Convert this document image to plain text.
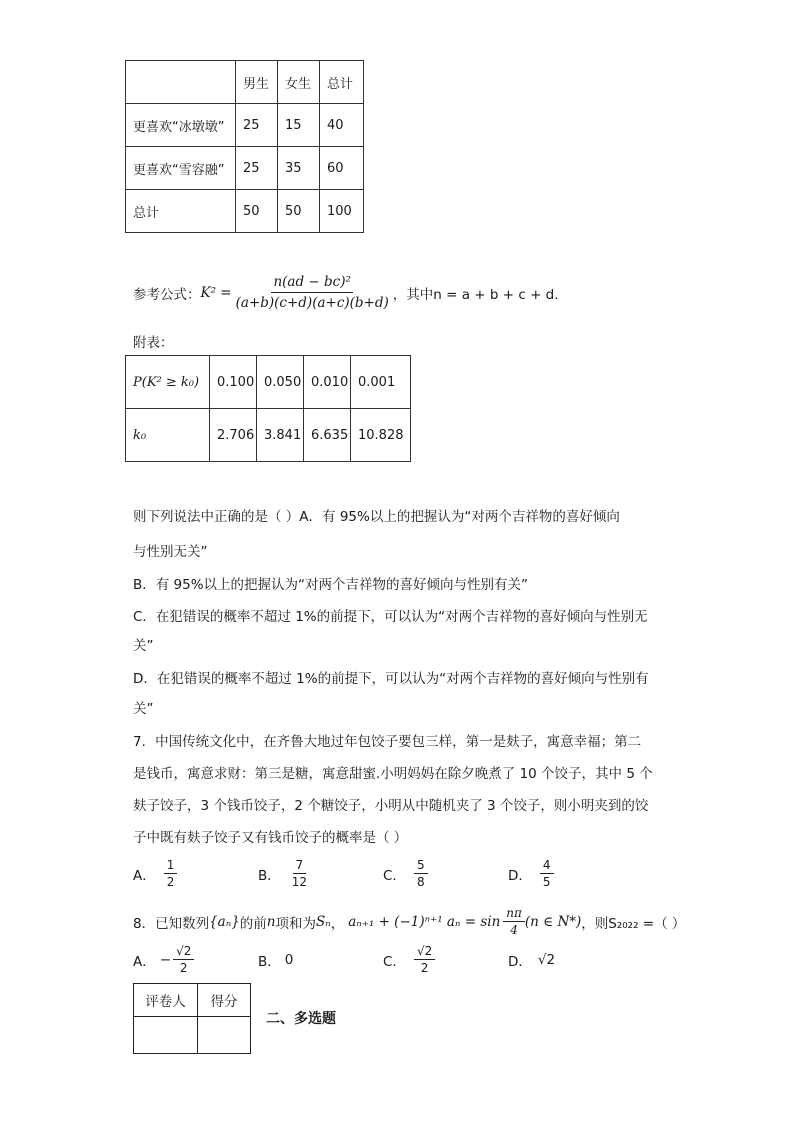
	男生	女生	总计
更喜欢“冰墩墩”	25	15	40
更喜欢“雪容融”	25	35	60
总计	50	50	100
参考公式： $K^2 = \frac{\text{n(ad − bc)²}}{(a+b)(c+d)(a+c)(b+d)}$ ，其中n = a + b + c + d.
附表：
P(K² ≥ k₀)	0.100	0.050	0.010	0.001
k₀	2.706	3.841	6.635	10.828
则下列说法中正确的是（ ）A．有 95%以上的把握认为“对两个吉祥物的喜好倾向
与性别无关”
B．有 95%以上的把握认为“对两个吉祥物的喜好倾向与性别有关”
C．在犯错误的概率不超过 1%的前提下，可以认为“对两个吉祥物的喜好倾向与性别无
关”
D．在犯错误的概率不超过 1%的前提下，可以认为“对两个吉祥物的喜好倾向与性别有
关”
7．中国传统文化中，在齐鲁大地过年包饺子要包三样，第一是麸子，寓意幸福；第二
是钱币，寓意求财：第三是糖，寓意甜蜜.小明妈妈在除夕晚煮了 10 个饺子，其中 5 个
麸子饺子，3 个钱币饺子，2 个糖饺子，小明从中随机夹了 3 个饺子，则小明夹到的饺
子中既有麸子饺子又有钱币饺子的概率是（ ）
A． $\frac{1}{2}$	B． $\frac{7}{12}$	C． $\frac{5}{8}$	D． $\frac{4}{5}$
8．已知数列 {aₙ} 的前 n 项和为 Sₙ ， aₙ₊₁ + (−1)ⁿ⁺¹ $a_n = \sin \frac{n\pi}{4} (n$ ∈ N*) ，则S₂₀₂₂ =（ ）
A． − $\frac{√2}{2}$	B． 0	C． $\frac{√2}{2}$	D． √2
评卷人	得分

二、多选题
